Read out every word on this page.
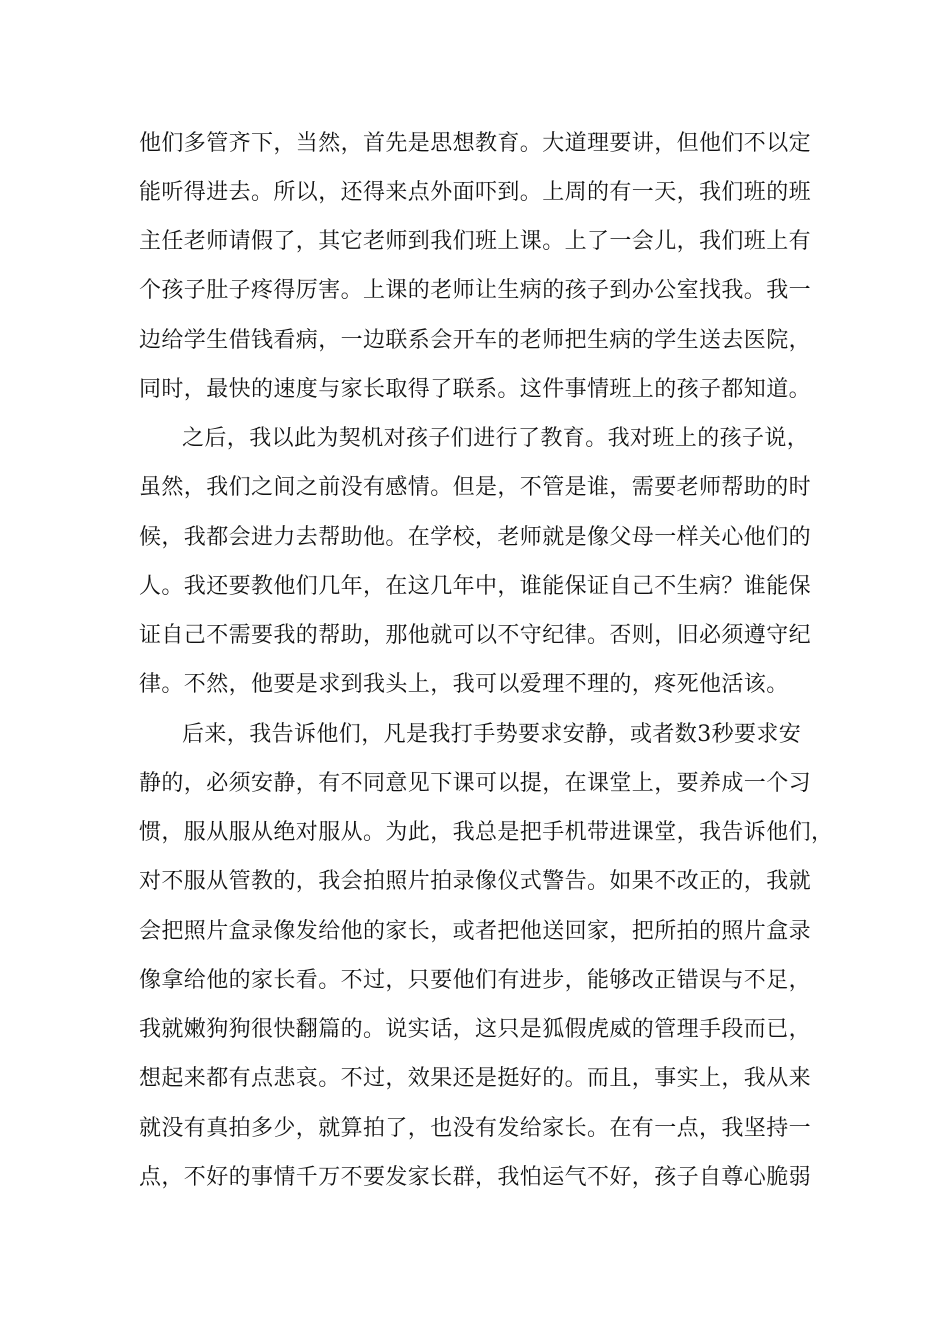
他们多管齐下，当然，首先是思想教育。大道理要讲，但他们不以定
能听得进去。所以，还得来点外面吓到。上周的有一天，我们班的班
主任老师请假了，其它老师到我们班上课。上了一会儿，我们班上有
个孩子肚子疼得厉害。上课的老师让生病的孩子到办公室找我。我一
边给学生借钱看病，一边联系会开车的老师把生病的学生送去医院，
同时，最快的速度与家长取得了联系。这件事情班上的孩子都知道。
之后，我以此为契机对孩子们进行了教育。我对班上的孩子说，
虽然，我们之间之前没有感情。但是，不管是谁，需要老师帮助的时
候，我都会进力去帮助他。在学校，老师就是像父母一样关心他们的
人。我还要教他们几年，在这几年中，谁能保证自己不生病？谁能保
证自己不需要我的帮助，那他就可以不守纪律。否则，旧必须遵守纪
律。不然，他要是求到我头上，我可以爱理不理的，疼死他活该。
后来，我告诉他们，凡是我打手势要求安静，或者数3秒要求安
静的，必须安静，有不同意见下课可以提，在课堂上，要养成一个习
惯，服从服从绝对服从。为此，我总是把手机带进课堂，我告诉他们，
对不服从管教的，我会拍照片拍录像仪式警告。如果不改正的，我就
会把照片盒录像发给他的家长，或者把他送回家，把所拍的照片盒录
像拿给他的家长看。不过，只要他们有进步，能够改正错误与不足，
我就嫩狗狗很快翻篇的。说实话，这只是狐假虎威的管理手段而已，
想起来都有点悲哀。不过，效果还是挺好的。而且，事实上，我从来
就没有真拍多少，就算拍了，也没有发给家长。在有一点，我坚持一
点，不好的事情千万不要发家长群，我怕运气不好，孩子自尊心脆弱
